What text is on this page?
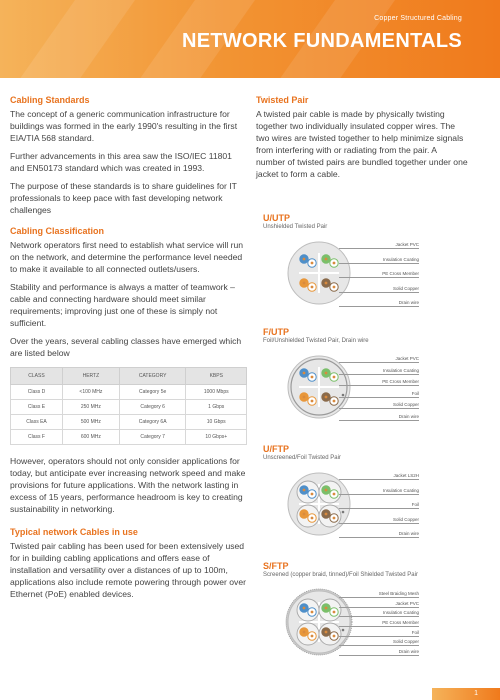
Copper Structured Cabling
NETWORK FUNDAMENTALS
Cabling Standards

The concept of a generic communication infrastructure for buildings was formed in the early 1990's resulting in the first EIA/TIA 568 standard.

Further advancements in this area saw the ISO/IEC 11801 and EN50173 standard which was created in 1993.

The purpose of these standards is to share guidelines for IT professionals to keep pace with fast developing network challenges

Cabling Classification

Network operators first need to establish what service will run on the network, and determine the performance level needed to make it available to all connected outlets/users.

Stability and performance is always a matter of teamwork – cable and connecting hardware should meet similar requirements; improving just one of these is simply not sufficient.

Over the years, several cabling classes have emerged which are listed below

CLASS	HERTZ	CATEGORY	KBPS
Class D	<100 MHz	Category 5e	1000 Mbps
Class E	250 MHz	Category 6	1 Gbps
Class EA	500 MHz	Category 6A	10 Gbps
Class F	600 MHz	Category 7	10 Gbps+

However, operators should not only consider applications for today, but anticipate ever increasing network speed and make provisions for future applications. With the network lasting in excess of 15 years, performance headroom is key to creating sustainability in networking.

Typical network Cables in use

Twisted pair cabling has been used for been extensively used for in building cabling applications and offers ease of installation and versatility over a distances of up to 100m, applications also include remote powering through power over Ethernet (PoE) enabled devices.

Twisted Pair

A twisted pair cable is made by physically twisting together two individually insulated copper wires. The two wires are twisted together to help minimize signals from interfering with or radiating from the pair. A number of twisted pairs are bundled together under one jacket to form a cable.

U/UTP
Unshielded Twisted Pair
F/UTP
Foil/Unshielded Twisted Pair, Drain wire
U/FTP
Unscreened/Foil Twisted Pair
S/FTP
Screened (copper braid, tinned)/Foil Shielded Twisted Pair
Jacket PVC
Insulation Coating
PE Cross Member
Solid Copper
Drain wire
Jacket PVC
Insulation Coating
PE Cross Member
Foil
Solid Copper
Drain wire
Jacket LS2H
Insulation Coating
Foil
Solid Copper
Drain wire
Steel Braiding Mesh
Jacket PVC
Insulation Coating
PE Cross Member
Foil
Solid Copper
Drain wire
1
